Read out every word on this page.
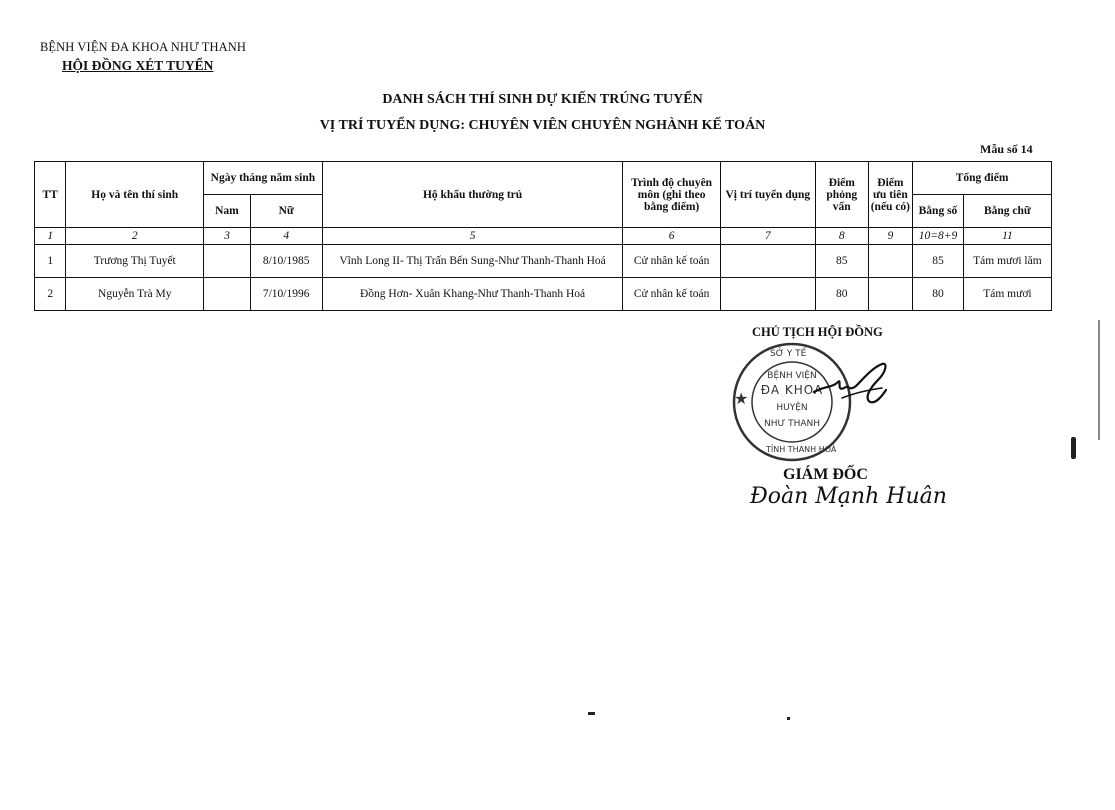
BỆNH VIỆN ĐA KHOA NHƯ THANH
HỘI ĐỒNG XÉT TUYỂN
DANH SÁCH THÍ SINH DỰ KIẾN TRÚNG TUYỂN
VỊ TRÍ TUYỂN DỤNG: CHUYÊN VIÊN CHUYÊN NGHÀNH KẾ TOÁN
Mẫu số 14
TT	Họ và tên thí sinh	Ngày tháng năm sinh		Hộ khẩu thường trú	Trình độ chuyên môn (ghi theo bằng điểm)	Vị trí tuyển dụng	Điểm phỏng vấn	Điểm ưu tiên (nếu có)	Tổng điểm	
		Nam	Nữ						Bằng số	Bằng chữ
1	2	3	4	5	6	7	8	9	10=8+9	11
1	Trương Thị Tuyết		8/10/1985	Vĩnh Long II- Thị Trấn Bến Sung-Như Thanh-Thanh Hoá	Cử nhân kế toán		85		85	Tám mươi lăm
2	Nguyễn Trà My		7/10/1996	Đồng Hơn- Xuân Khang-Như Thanh-Thanh Hoá	Cử nhân kế toán		80		80	Tám mươi
CHỦ TỊCH HỘI ĐỒNG
★
SỞ Y TẾ
BỆNH VIỆN
ĐA KHOA
HUYỆN
NHƯ THANH
TỈNH THANH HOÁ
GIÁM ĐỐC
Đoàn Mạnh Huân
